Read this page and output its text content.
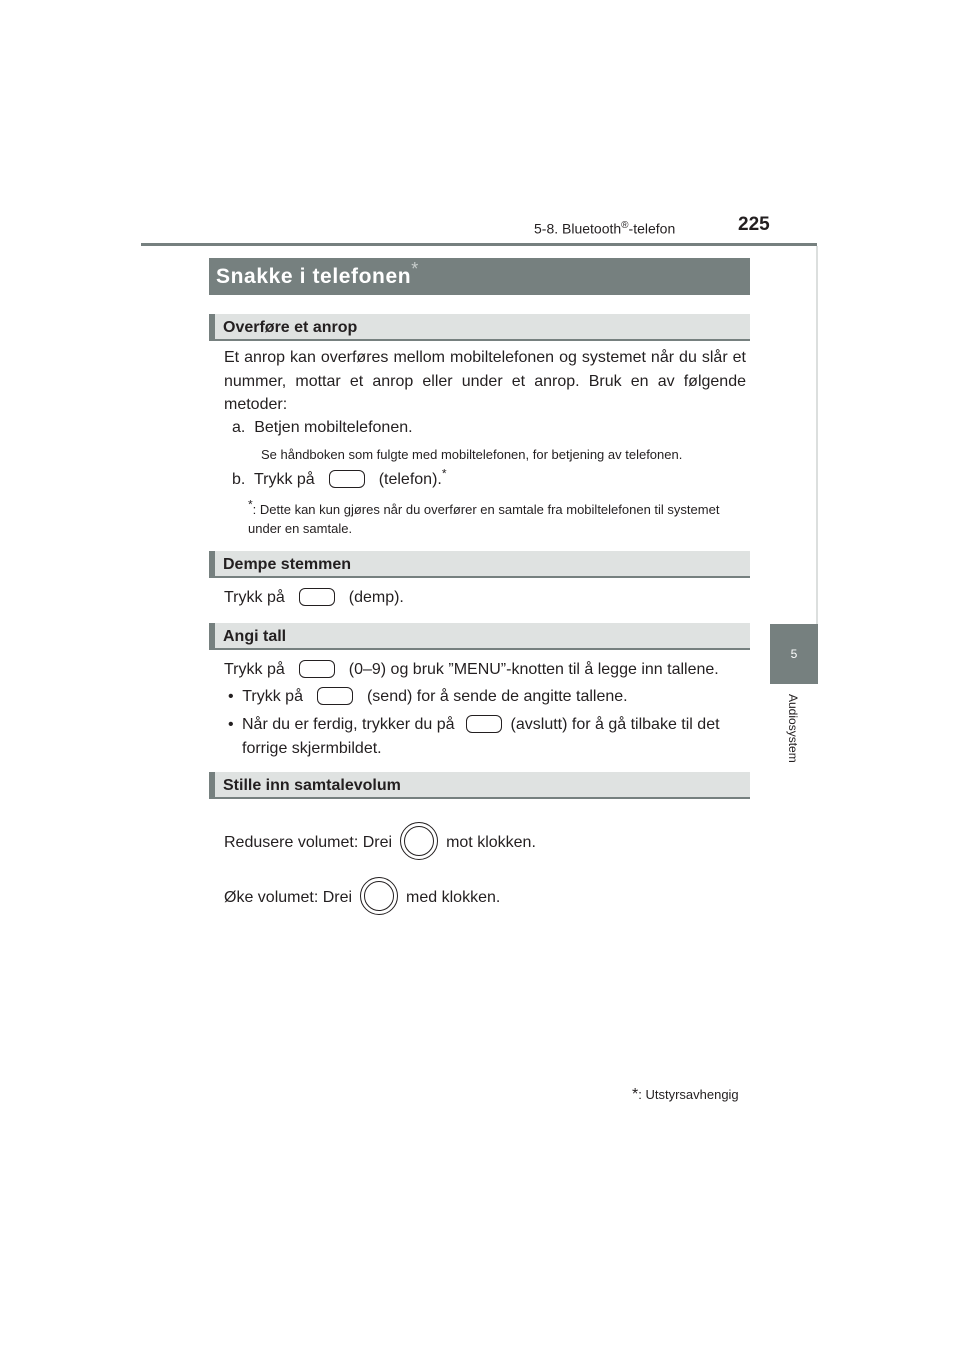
5-8. Bluetooth®-telefon	225
5
Audiosystem
Snakke i telefonen*
Overføre et anrop
Et anrop kan overføres mellom mobiltelefonen og systemet når du slår et nummer, mottar et anrop eller under et anrop. Bruk en av følgende metoder:
a. Betjen mobiltelefonen.
Se håndboken som fulgte med mobiltelefonen, for betjening av telefonen.
b. Trykk på	(telefon).*
*: Dette kan kun gjøres når du overfører en samtale fra mobiltelefonen til systemet under en samtale.
Dempe stemmen
Trykk på	(demp).
Angi tall
Trykk på	(0–9) og bruk ”MENU”-knotten til å legge inn tallene.
• Trykk på	(send) for å sende de angitte tallene.
• Når du er ferdig, trykker du på	(avslutt) for å gå tilbake til det forrige skjermbildet.
Stille inn samtalevolum
Redusere volumet: Drei	mot klokken.
Øke volumet: Drei	med klokken.
*: Utstyrsavhengig
